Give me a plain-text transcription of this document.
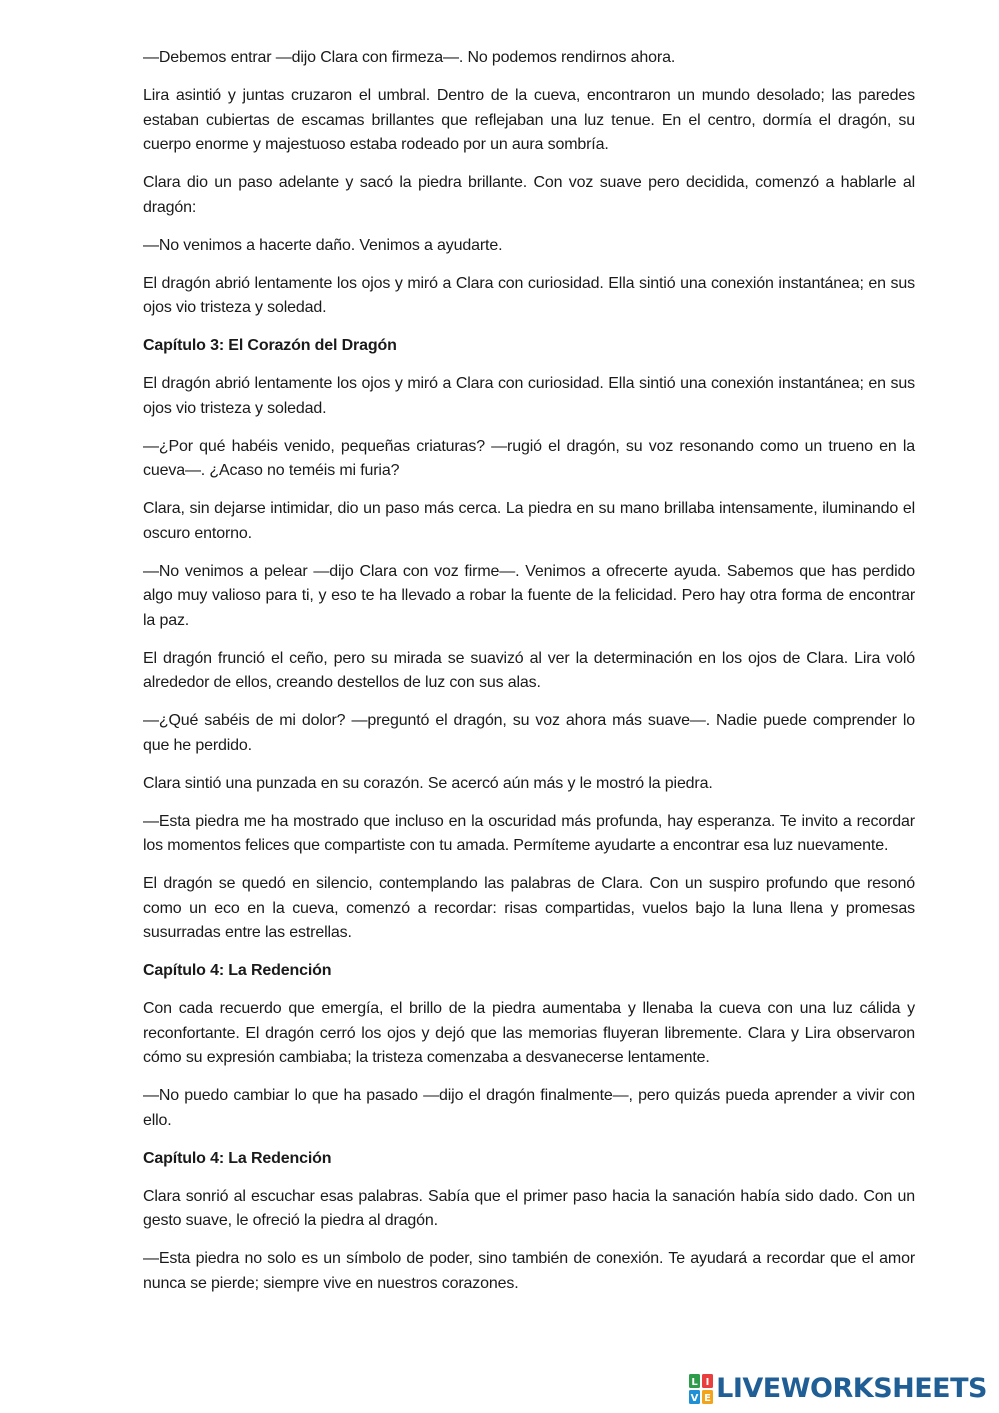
—Debemos entrar —dijo Clara con firmeza—. No podemos rendirnos ahora.

Lira asintió y juntas cruzaron el umbral. Dentro de la cueva, encontraron un mundo desolado; las paredes estaban cubiertas de escamas brillantes que reflejaban una luz tenue. En el centro, dormía el dragón, su cuerpo enorme y majestuoso estaba rodeado por un aura sombría.

Clara dio un paso adelante y sacó la piedra brillante. Con voz suave pero decidida, comenzó a hablarle al dragón:

—No venimos a hacerte daño. Venimos a ayudarte.

El dragón abrió lentamente los ojos y miró a Clara con curiosidad. Ella sintió una conexión instantánea; en sus ojos vio tristeza y soledad.

Capítulo 3: El Corazón del Dragón

El dragón abrió lentamente los ojos y miró a Clara con curiosidad. Ella sintió una conexión instantánea; en sus ojos vio tristeza y soledad.

—¿Por qué habéis venido, pequeñas criaturas? —rugió el dragón, su voz resonando como un trueno en la cueva—. ¿Acaso no teméis mi furia?

Clara, sin dejarse intimidar, dio un paso más cerca. La piedra en su mano brillaba intensamente, iluminando el oscuro entorno.

—No venimos a pelear —dijo Clara con voz firme—. Venimos a ofrecerte ayuda. Sabemos que has perdido algo muy valioso para ti, y eso te ha llevado a robar la fuente de la felicidad. Pero hay otra forma de encontrar la paz.

El dragón frunció el ceño, pero su mirada se suavizó al ver la determinación en los ojos de Clara. Lira voló alrededor de ellos, creando destellos de luz con sus alas.

—¿Qué sabéis de mi dolor? —preguntó el dragón, su voz ahora más suave—. Nadie puede comprender lo que he perdido.

Clara sintió una punzada en su corazón. Se acercó aún más y le mostró la piedra.

—Esta piedra me ha mostrado que incluso en la oscuridad más profunda, hay esperanza. Te invito a recordar los momentos felices que compartiste con tu amada. Permíteme ayudarte a encontrar esa luz nuevamente.

El dragón se quedó en silencio, contemplando las palabras de Clara. Con un suspiro profundo que resonó como un eco en la cueva, comenzó a recordar: risas compartidas, vuelos bajo la luna llena y promesas susurradas entre las estrellas.

Capítulo 4: La Redención

Con cada recuerdo que emergía, el brillo de la piedra aumentaba y llenaba la cueva con una luz cálida y reconfortante. El dragón cerró los ojos y dejó que las memorias fluyeran libremente. Clara y Lira observaron cómo su expresión cambiaba; la tristeza comenzaba a desvanecerse lentamente.

—No puedo cambiar lo que ha pasado —dijo el dragón finalmente—, pero quizás pueda aprender a vivir con ello.

Capítulo 4: La Redención

Clara sonrió al escuchar esas palabras. Sabía que el primer paso hacia la sanación había sido dado. Con un gesto suave, le ofreció la piedra al dragón.

—Esta piedra no solo es un símbolo de poder, sino también de conexión. Te ayudará a recordar que el amor nunca se pierde; siempre vive en nuestros corazones.

L I
V E LIVEWORKSHEETS
